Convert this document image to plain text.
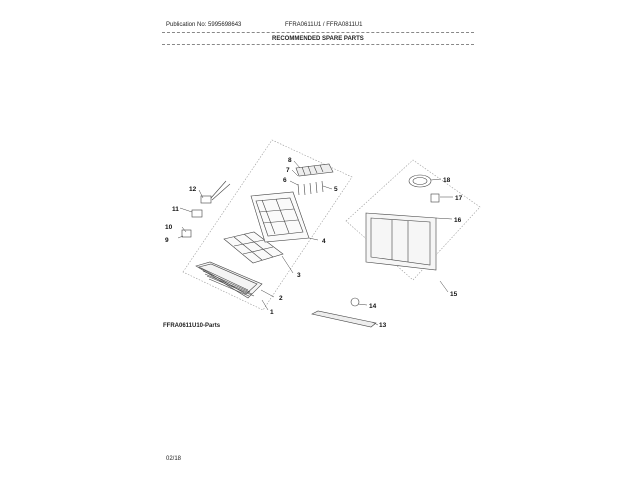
Publication No: 5995698643	FFRA0611U1 / FFRA0811U1
RECOMMENDED SPARE PARTS
1
2
3
4
5
6
7
8
9
10
11
12
13
14
15
16
17
18
FFRA0611U10-Parts
02/18
